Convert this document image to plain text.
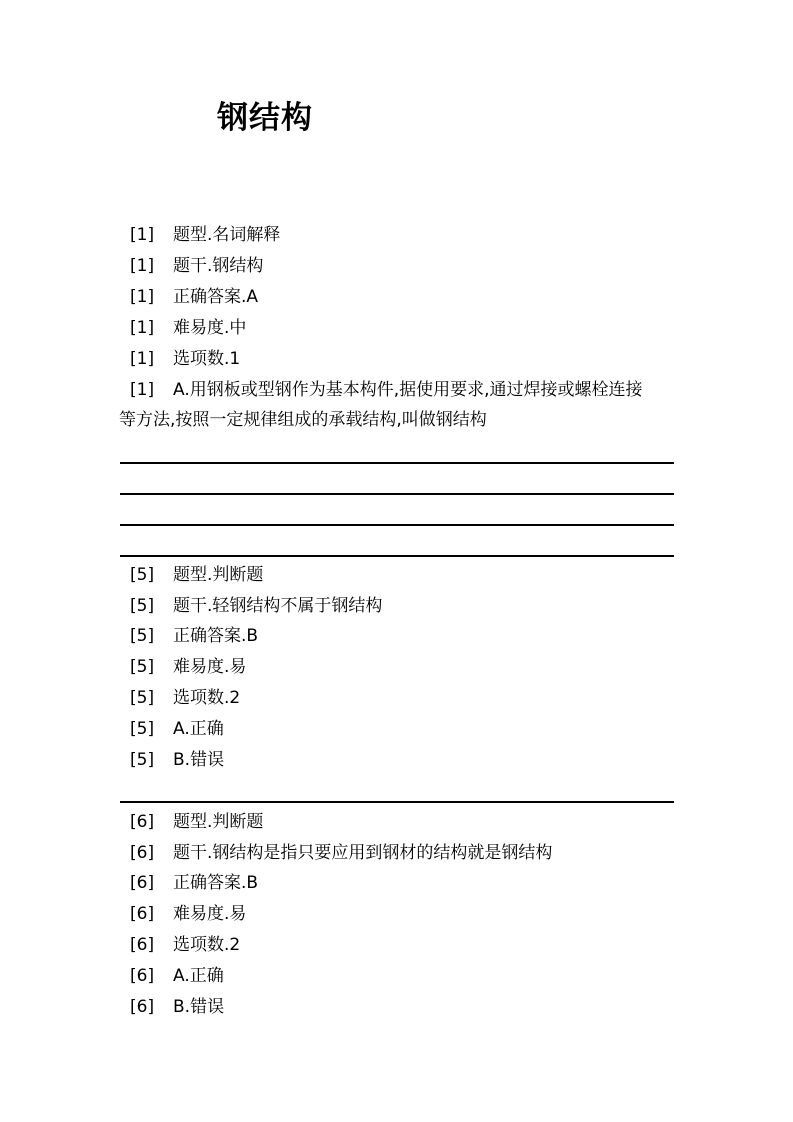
钢结构
[1] 题型.名词解释
[1] 题干.钢结构
[1] 正确答案.A
[1] 难易度.中
[1] 选项数.1
[1] A.用钢板或型钢作为基本构件,据使用要求,通过焊接或螺栓连接
等方法,按照一定规律组成的承载结构,叫做钢结构
[5] 题型.判断题
[5] 题干.轻钢结构不属于钢结构
[5] 正确答案.B
[5] 难易度.易
[5] 选项数.2
[5] A.正确
[5] B.错误
[6] 题型.判断题
[6] 题干.钢结构是指只要应用到钢材的结构就是钢结构
[6] 正确答案.B
[6] 难易度.易
[6] 选项数.2
[6] A.正确
[6] B.错误
